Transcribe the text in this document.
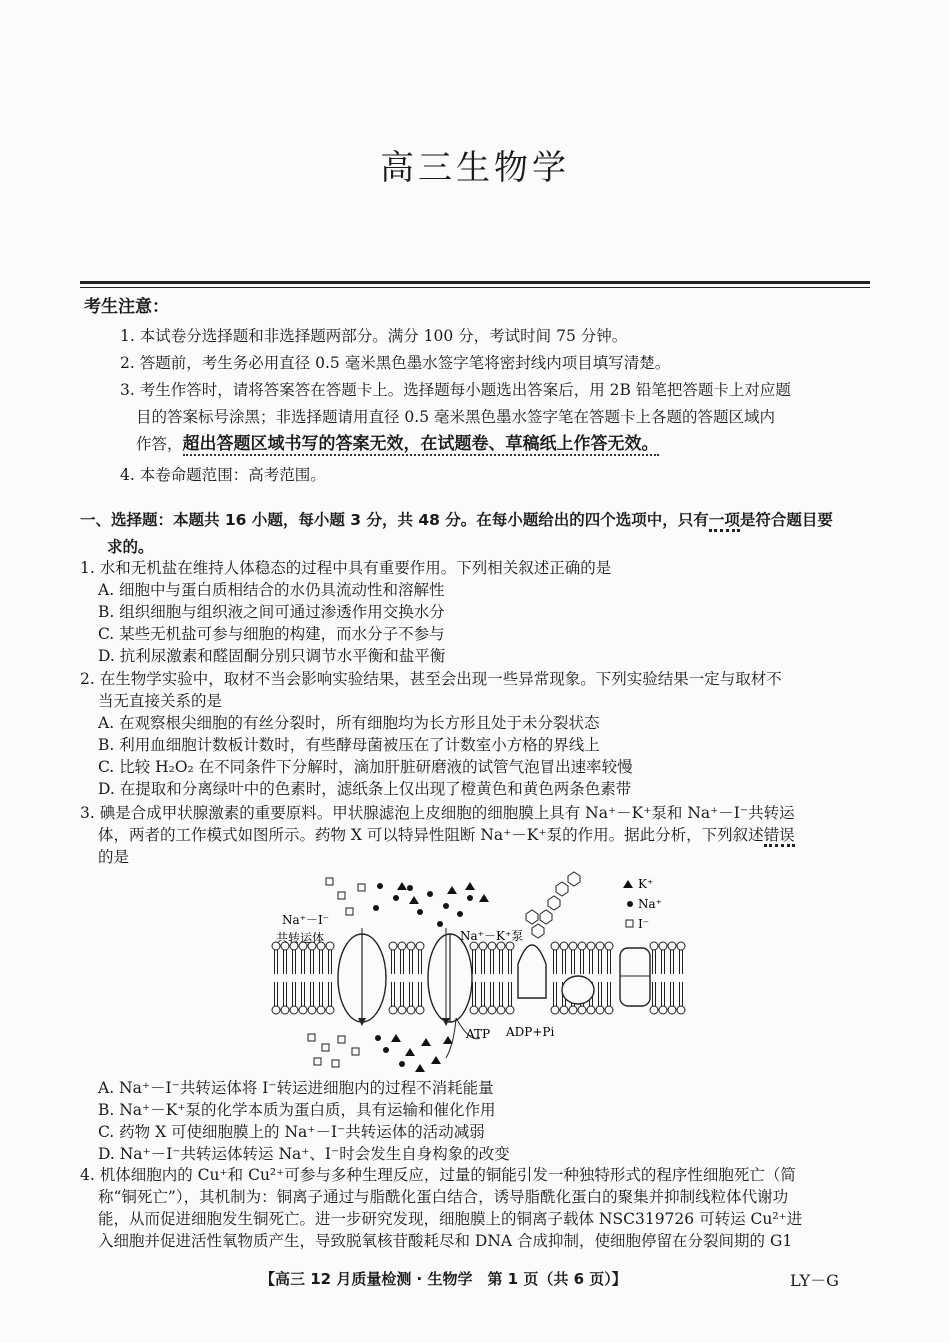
高三生物学
考生注意：
1. 本试卷分选择题和非选择题两部分。满分 100 分，考试时间 75 分钟。
2. 答题前，考生务必用直径 0.5 毫米黑色墨水签字笔将密封线内项目填写清楚。
3. 考生作答时，请将答案答在答题卡上。选择题每小题选出答案后，用 2B 铅笔把答题卡上对应题
目的答案标号涂黑；非选择题请用直径 0.5 毫米黑色墨水签字笔在答题卡上各题的答题区域内
作答，超出答题区域书写的答案无效，在试题卷、草稿纸上作答无效。
4. 本卷命题范围：高考范围。
一、选择题：本题共 16 小题，每小题 3 分，共 48 分。在每小题给出的四个选项中，只有一项是符合题目要
求的。
1. 水和无机盐在维持人体稳态的过程中具有重要作用。下列相关叙述正确的是
A. 细胞中与蛋白质相结合的水仍具流动性和溶解性
B. 组织细胞与组织液之间可通过渗透作用交换水分
C. 某些无机盐可参与细胞的构建，而水分子不参与
D. 抗利尿激素和醛固酮分别只调节水平衡和盐平衡
2. 在生物学实验中，取材不当会影响实验结果，甚至会出现一些异常现象。下列实验结果一定与取材不
当无直接关系的是
A. 在观察根尖细胞的有丝分裂时，所有细胞均为长方形且处于未分裂状态
B. 利用血细胞计数板计数时，有些酵母菌被压在了计数室小方格的界线上
C. 比较 H₂O₂ 在不同条件下分解时，滴加肝脏研磨液的试管气泡冒出速率较慢
D. 在提取和分离绿叶中的色素时，滤纸条上仅出现了橙黄色和黄色两条色素带
3. 碘是合成甲状腺激素的重要原料。甲状腺滤泡上皮细胞的细胞膜上具有 Na⁺－K⁺泵和 Na⁺－I⁻共转运
体，两者的工作模式如图所示。药物 X 可以特异性阻断 Na⁺－K⁺泵的作用。据此分析，下列叙述错误
的是
Na⁺－I⁻
共转运体	Na⁺－K⁺泵
ATP ADP+Pi
K⁺
Na⁺
I⁻
A. Na⁺－I⁻共转运体将 I⁻转运进细胞内的过程不消耗能量
B. Na⁺－K⁺泵的化学本质为蛋白质，具有运输和催化作用
C. 药物 X 可使细胞膜上的 Na⁺－I⁻共转运体的活动减弱
D. Na⁺－I⁻共转运体转运 Na⁺、I⁻时会发生自身构象的改变
4. 机体细胞内的 Cu⁺和 Cu²⁺可参与多种生理反应，过量的铜能引发一种独特形式的程序性细胞死亡（简
称“铜死亡”），其机制为：铜离子通过与脂酰化蛋白结合，诱导脂酰化蛋白的聚集并抑制线粒体代谢功
能，从而促进细胞发生铜死亡。进一步研究发现，细胞膜上的铜离子载体 NSC319726 可转运 Cu²⁺进
入细胞并促进活性氧物质产生，导致脱氧核苷酸耗尽和 DNA 合成抑制，使细胞停留在分裂间期的 G1
【高三 12 月质量检测 · 生物学　第 1 页（共 6 页）】	LY－G
